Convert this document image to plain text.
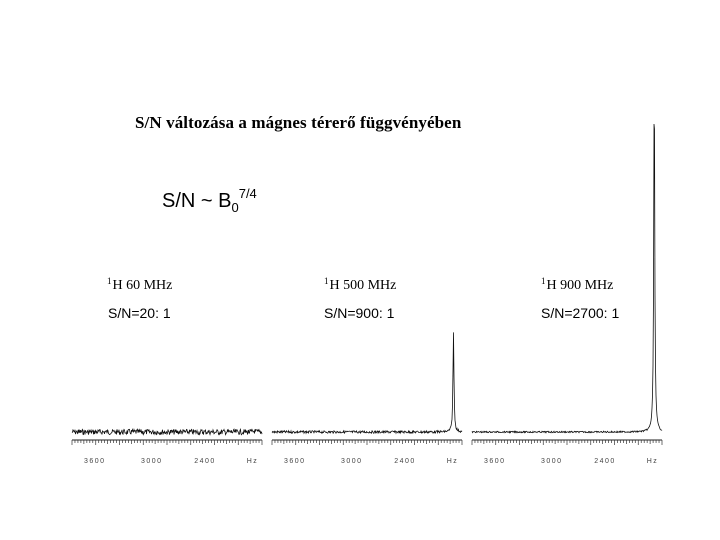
S/N változása a mágnes térerő függvényében
S/N ~ $B_0^{7/4}$
$^1$H 60 MHz	$^1$H 500 MHz	$^1$H 900 MHz
S/N=20: 1	S/N=900: 1	S/N=2700: 1
3600	3000	2400	Hz	3600	3000	2400	Hz	3600	3000	2400	Hz
